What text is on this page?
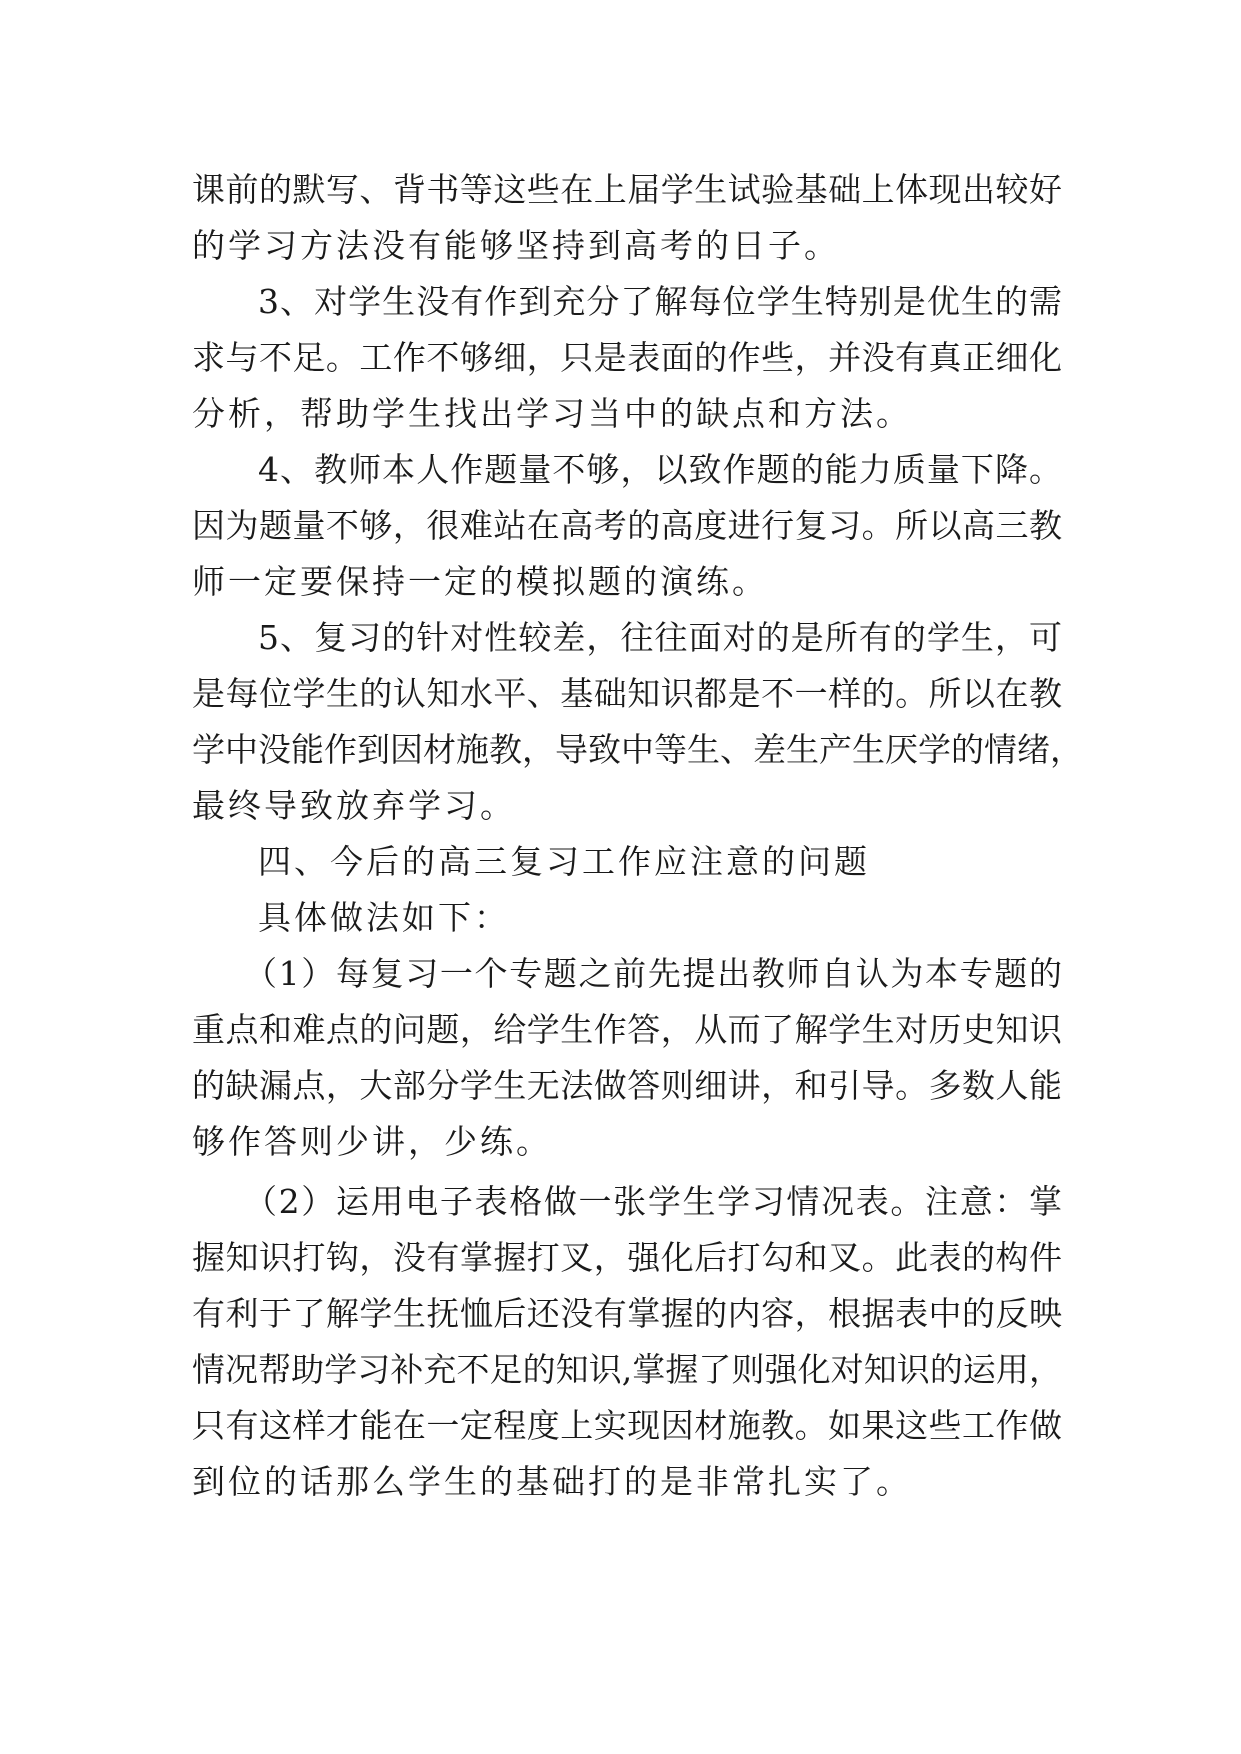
课前的默写、背书等这些在上届学生试验基础上体现出较好
的学习方法没有能够坚持到高考的日子。
3、对学生没有作到充分了解每位学生特别是优生的需
求与不足。工作不够细，只是表面的作些，并没有真正细化
分析，帮助学生找出学习当中的缺点和方法。
4、教师本人作题量不够，以致作题的能力质量下降。
因为题量不够，很难站在高考的高度进行复习。所以高三教
师一定要保持一定的模拟题的演练。
5、复习的针对性较差，往往面对的是所有的学生，可
是每位学生的认知水平、基础知识都是不一样的。所以在教
学中没能作到因材施教，导致中等生、差生产生厌学的情绪，
最终导致放弃学习。
四、今后的高三复习工作应注意的问题
具体做法如下：
（1）每复习一个专题之前先提出教师自认为本专题的
重点和难点的问题，给学生作答，从而了解学生对历史知识
的缺漏点，大部分学生无法做答则细讲，和引导。多数人能
够作答则少讲，少练。
（2）运用电子表格做一张学生学习情况表。注意：掌
握知识打钩，没有掌握打叉，强化后打勾和叉。此表的构件
有利于了解学生抚恤后还没有掌握的内容，根据表中的反映
情况帮助学习补充不足的知识,掌握了则强化对知识的运用，
只有这样才能在一定程度上实现因材施教。如果这些工作做
到位的话那么学生的基础打的是非常扎实了。
